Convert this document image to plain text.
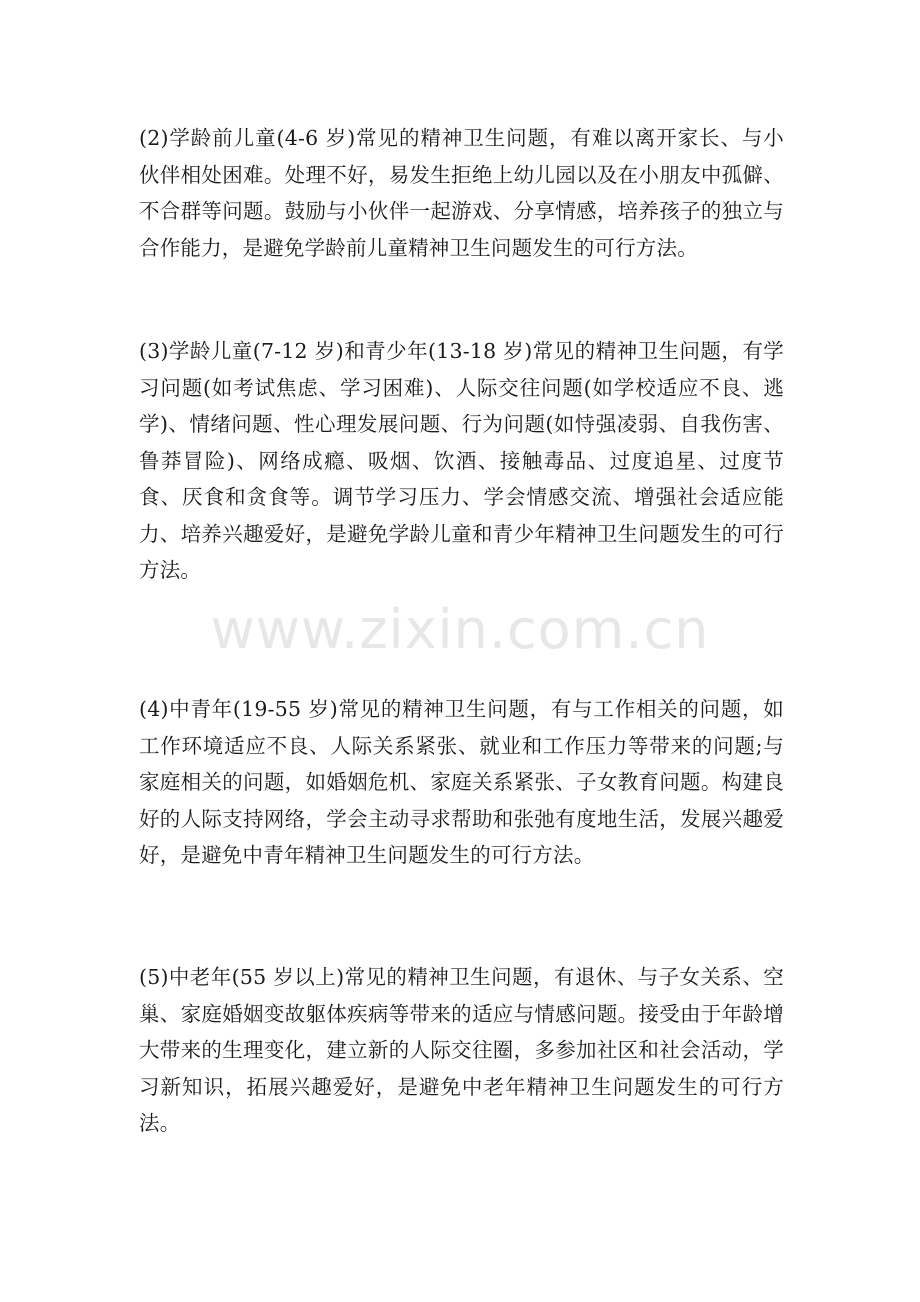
(2)学龄前儿童(4-6 岁)常见的精神卫生问题，有难以离开家长、与小伙伴相处困难。处理不好，易发生拒绝上幼儿园以及在小朋友中孤僻、不合群等问题。鼓励与小伙伴一起游戏、分享情感，培养孩子的独立与合作能力，是避免学龄前儿童精神卫生问题发生的可行方法。

(3)学龄儿童(7-12 岁)和青少年(13-18 岁)常见的精神卫生问题，有学习问题(如考试焦虑、学习困难)、人际交往问题(如学校适应不良、逃学)、情绪问题、性心理发展问题、行为问题(如恃强凌弱、自我伤害、鲁莽冒险)、网络成瘾、吸烟、饮酒、接触毒品、过度追星、过度节食、厌食和贪食等。调节学习压力、学会情感交流、增强社会适应能力、培养兴趣爱好，是避免学龄儿童和青少年精神卫生问题发生的可行方法。

(4)中青年(19-55 岁)常见的精神卫生问题，有与工作相关的问题，如工作环境适应不良、人际关系紧张、就业和工作压力等带来的问题;与家庭相关的问题，如婚姻危机、家庭关系紧张、子女教育问题。构建良好的人际支持网络，学会主动寻求帮助和张弛有度地生活，发展兴趣爱好，是避免中青年精神卫生问题发生的可行方法。

(5)中老年(55 岁以上)常见的精神卫生问题，有退休、与子女关系、空巢、家庭婚姻变故躯体疾病等带来的适应与情感问题。接受由于年龄增大带来的生理变化，建立新的人际交往圈，多参加社区和社会活动，学习新知识，拓展兴趣爱好，是避免中老年精神卫生问题发生的可行方法。

www.zixin.com.cn
